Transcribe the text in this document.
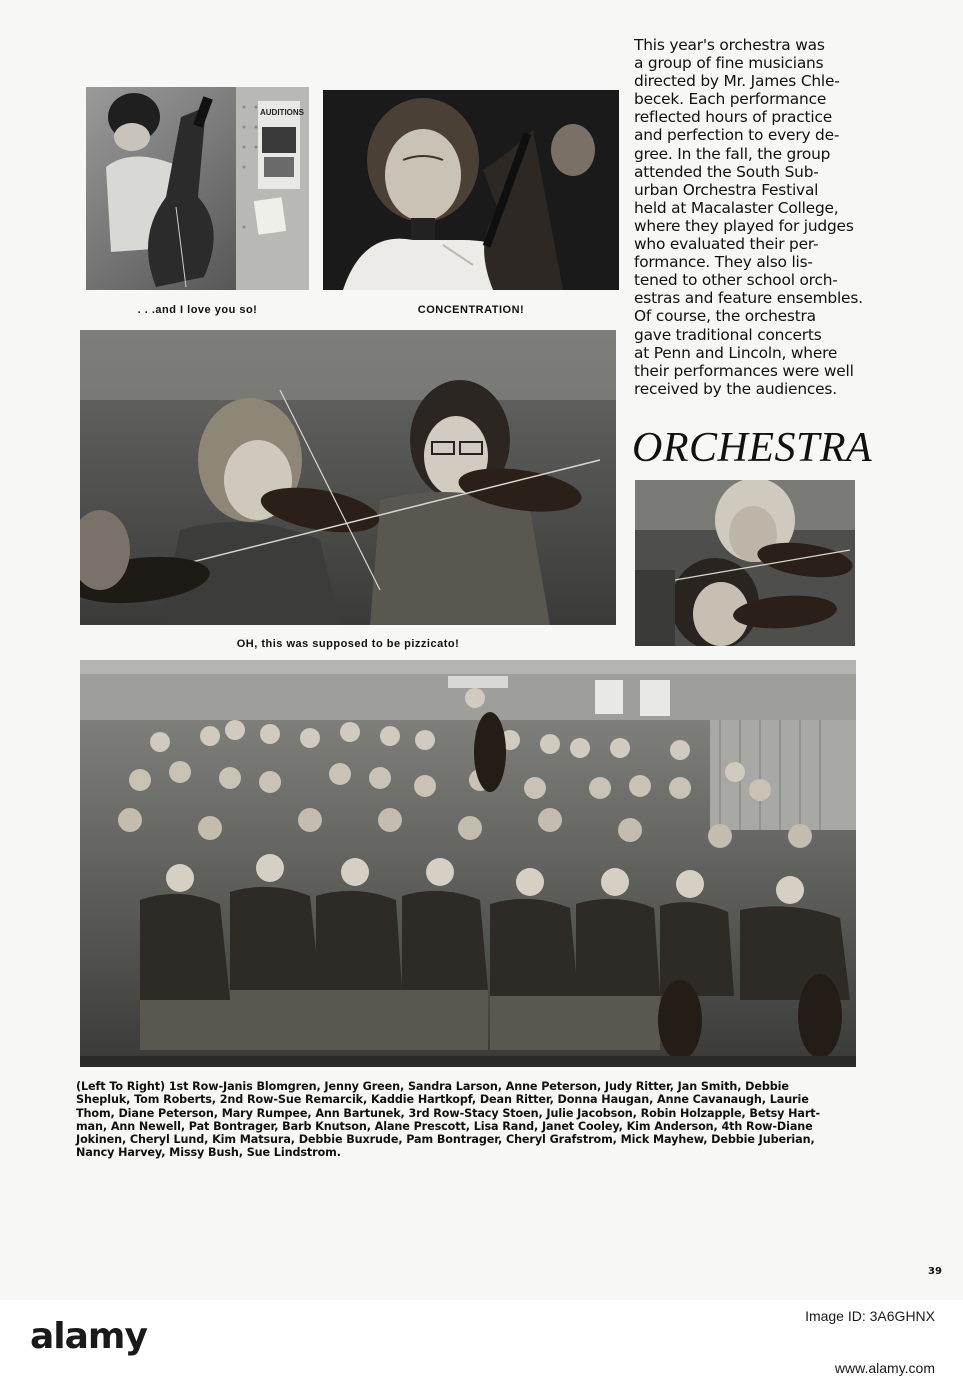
AUDITIONS
. . .and I love you so!	CONCENTRATION!
OH, this was supposed to be pizzicato!
This year's orchestra was
a group of fine musicians
directed by Mr. James Chle-
becek. Each performance
reflected hours of practice
and perfection to every de-
gree. In the fall, the group
attended the South Sub-
urban Orchestra Festival
held at Macalaster College,
where they played for judges
who evaluated their per-
formance. They also lis-
tened to other school orch-
estras and feature ensembles.
Of course, the orchestra
gave traditional concerts
at Penn and Lincoln, where
their performances were well
received by the audiences.
ORCHESTRA
(Left To Right) 1st Row-Janis Blomgren, Jenny Green, Sandra Larson, Anne Peterson, Judy Ritter, Jan Smith, Debbie
Shepluk, Tom Roberts, 2nd Row-Sue Remarcik, Kaddie Hartkopf, Dean Ritter, Donna Haugan, Anne Cavanaugh, Laurie
Thom, Diane Peterson, Mary Rumpee, Ann Bartunek, 3rd Row-Stacy Stoen, Julie Jacobson, Robin Holzapple, Betsy Hart-
man, Ann Newell, Pat Bontrager, Barb Knutson, Alane Prescott, Lisa Rand, Janet Cooley, Kim Anderson, 4th Row-Diane
Jokinen, Cheryl Lund, Kim Matsura, Debbie Buxrude, Pam Bontrager, Cheryl Grafstrom, Mick Mayhew, Debbie Juberian,
Nancy Harvey, Missy Bush, Sue Lindstrom.
39
alamy	Image ID: 3A6GHNX
www.alamy.com
